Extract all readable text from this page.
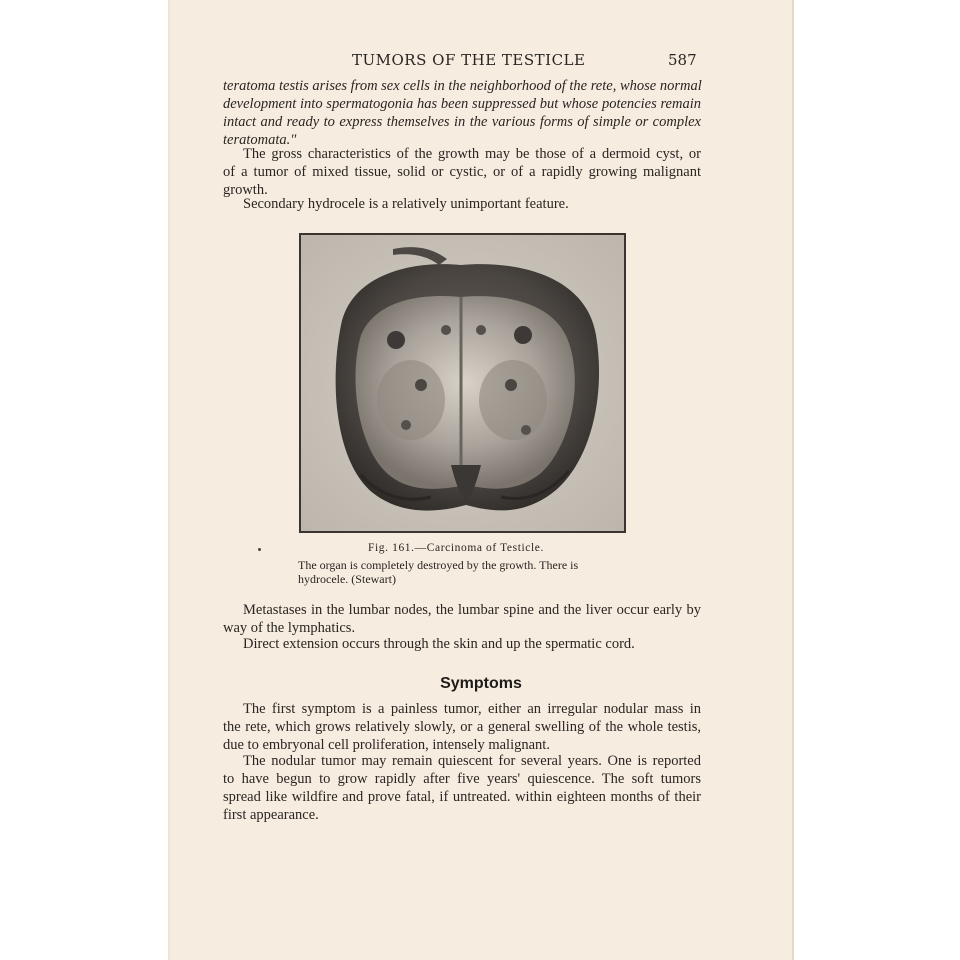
TUMORS OF THE TESTICLE	587

teratoma testis arises from sex cells in the neighborhood of the rete, whose normal
development into spermatogonia has been suppressed but whose potencies remain
intact and ready to express themselves in the various forms of simple or complex
teratomata."

The gross characteristics of the growth may be those of a dermoid cyst, or
of a tumor of mixed tissue, solid or cystic, or of a rapidly growing malignant
growth.

Secondary hydrocele is a relatively unimportant feature.

Fig. 161.—Carcinoma of Testicle.
The organ is completely destroyed by the growth. There is
hydrocele. (Stewart)

Metastases in the lumbar nodes, the lumbar spine and the liver occur early by
way of the lymphatics.

Direct extension occurs through the skin and up the spermatic cord.

Symptoms

The first symptom is a painless tumor, either an irregular nodular mass in
the rete, which grows relatively slowly, or a general swelling of the whole testis,
due to embryonal cell proliferation, intensely malignant.

The nodular tumor may remain quiescent for several years. One is reported
to have begun to grow rapidly after five years' quiescence. The soft tumors
spread like wildfire and prove fatal, if untreated. within eighteen months of their
first appearance.
